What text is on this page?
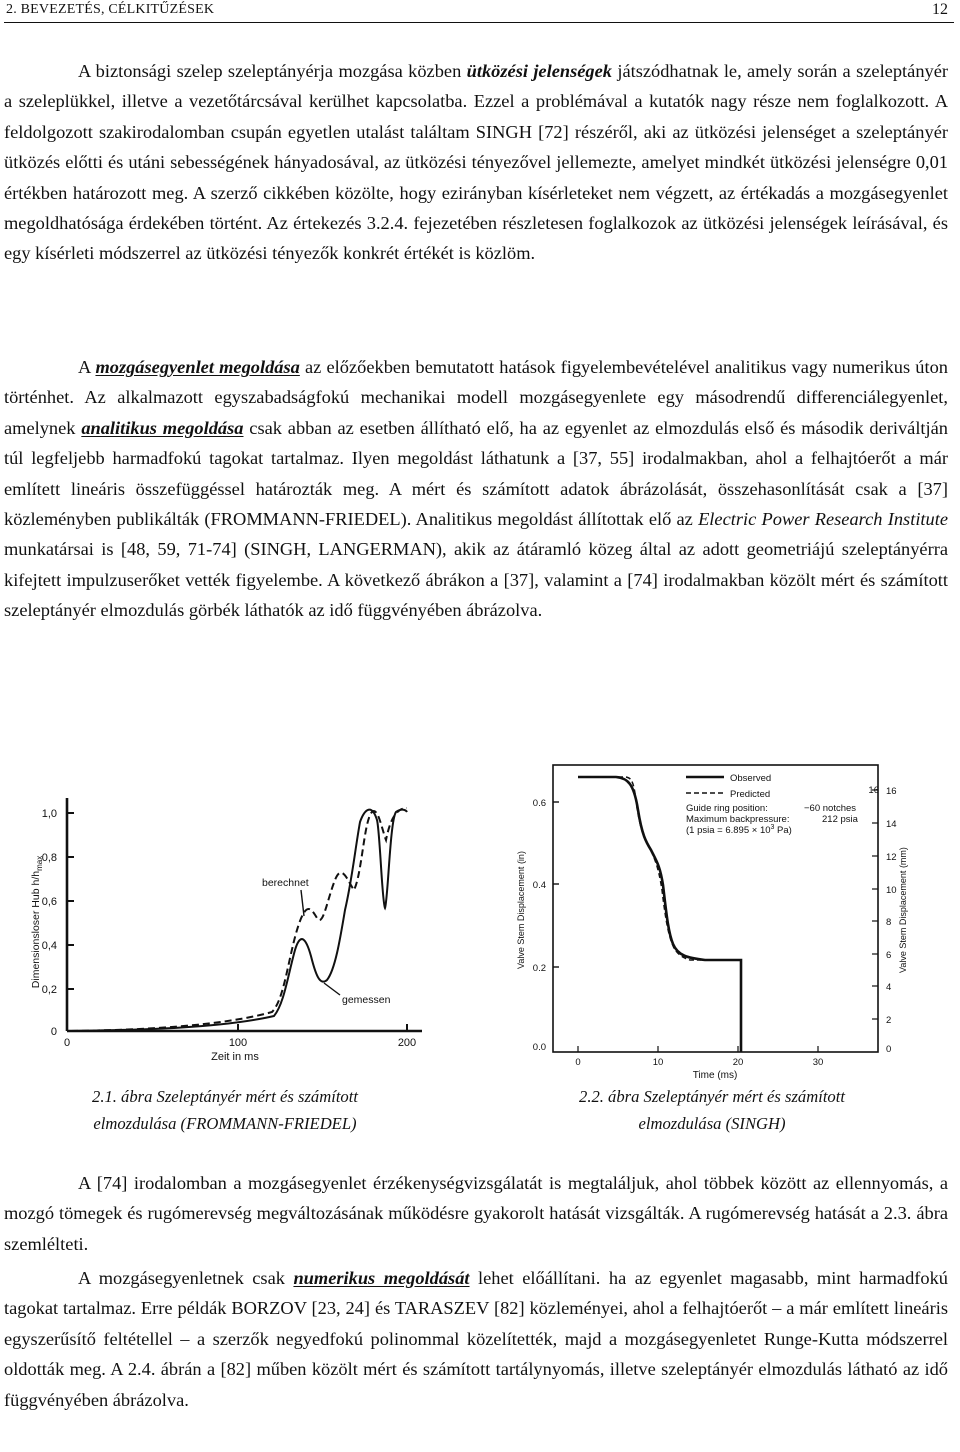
2. BEVEZETÉS, CÉLKITŰZÉSEK	12

A biztonsági szelep szeleptányérja mozgása közben ütközési jelenségek játszódhatnak le, amely során a szeleptányér a szeleplükkel, illetve a vezetőtárcsával kerülhet kapcsolatba. Ezzel a problémával a kutatók nagy része nem foglalkozott. A feldolgozott szakirodalomban csupán egyetlen utalást találtam SINGH [72] részéről, aki az ütközési jelenséget a szeleptányér ütközés előtti és utáni sebességének hányadosával, az ütközési tényezővel jellemezte, amelyet mindkét ütközési jelenségre 0,01 értékben határozott meg. A szerző cikkében közölte, hogy ezirányban kísérleteket nem végzett, az értékadás a mozgásegyenlet megoldhatósága érdekében történt. Az értekezés 3.2.4. fejezetében részletesen foglalkozok az ütközési jelenségek leírásával, és egy kísérleti módszerrel az ütközési tényezők konkrét értékét is közlöm.

A mozgásegyenlet megoldása az előzőekben bemutatott hatások figyelembevételével analitikus vagy numerikus úton történhet. Az alkalmazott egyszabadságfokú mechanikai modell mozgásegyenlete egy másodrendű differenciálegyenlet, amelynek analitikus megoldása csak abban az esetben állítható elő, ha az egyenlet az elmozdulás első és második deriváltján túl legfeljebb harmadfokú tagokat tartalmaz. Ilyen megoldást láthatunk a [37, 55] irodalmakban, ahol a felhajtóerőt a már említett lineáris összefüggéssel határozták meg. A mért és számított adatok ábrázolását, összehasonlítását csak a [37] közleményben publikálták (FROMMANN-FRIEDEL). Analitikus megoldást állítottak elő az Electric Power Research Institute munkatársai is [48, 59, 71-74] (SINGH, LANGERMAN), akik az átáramló közeg által az adott geometriájú szeleptányérra kifejtett impulzuserőket vették figyelembe. A következő ábrákon a [37], valamint a [74] irodalmakban közölt mért és számított szeleptányér elmozdulás görbék láthatók az idő függvényében ábrázolva.

1,0
0,8
0,6
0,4
0,2
0
0	100	200
Zeit in ms
berechnet
gemessen
Dimensionsloser Hub $h/h_{max}$
Observed
Predicted
Guide ring position:	−60 notches
Maximum backpressure:	212 psia
(1 psia = $6.895 \times 10^3$ Pa)
0.6
0.4
0.2
0.0
16 16
14
12
10
8
6
4
2
0
0	10	20	30
Time (ms)
Valve Stem Displacement (in)	Valve Stem Displacement (mm)
2.1. ábra Szeleptányér mért és számított
elmozdulása (FROMMANN-FRIEDEL)
2.2. ábra Szeleptányér mért és számított
elmozdulása (SINGH)

A [74] irodalomban a mozgásegyenlet érzékenységvizsgálatát is megtaláljuk, ahol többek között az ellennyomás, a mozgó tömegek és rugómerevség megváltozásának működésre gyakorolt hatását vizsgálták. A rugómerevség hatását a 2.3. ábra szemlélteti.

A mozgásegyenletnek csak numerikus megoldását lehet előállítani. ha az egyenlet magasabb, mint harmadfokú tagokat tartalmaz. Erre példák BORZOV [23, 24] és TARASZEV [82] közleményei, ahol a felhajtóerőt – a már említett lineáris egyszerűsítő feltétellel – a szerzők negyedfokú polinommal közelítették, majd a mozgásegyenletet Runge-Kutta módszerrel oldották meg. A 2.4. ábrán a [82] műben közölt mért és számított tartálynyomás, illetve szeleptányér elmozdulás látható az idő függvényében ábrázolva.
